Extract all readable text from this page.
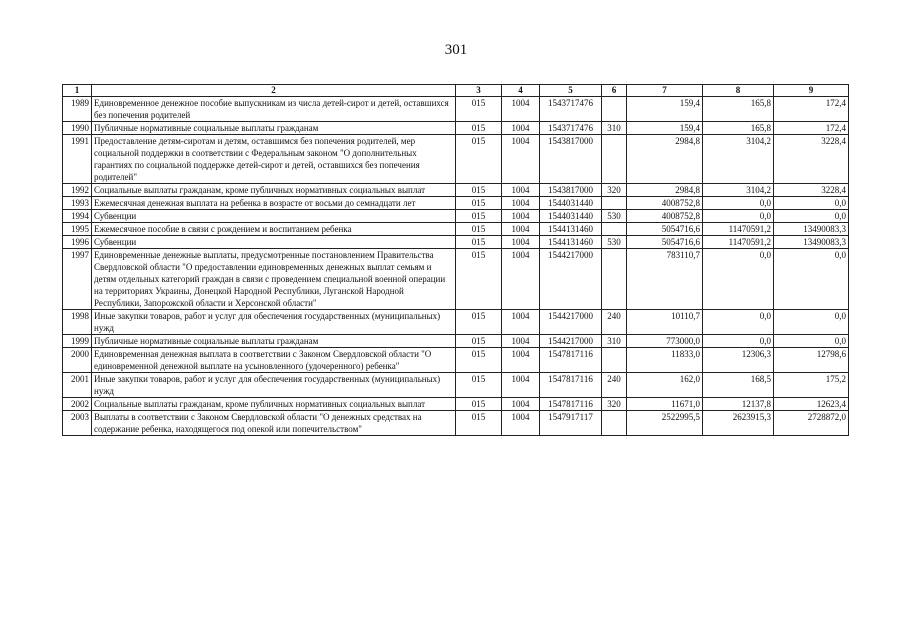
301
1	2	3	4	5	6	7	8	9
1989	Единовременное денежное пособие выпускникам из числа детей-сирот и детей, оставшихся без попечения родителей	015	1004	1543717476		159,4	165,8	172,4
1990	Публичные нормативные социальные выплаты гражданам	015	1004	1543717476	310	159,4	165,8	172,4
1991	Предоставление детям-сиротам и детям, оставшимся без попечения родителей, мер социальной поддержки в соответствии с Федеральным законом "О дополнительных гарантиях по социальной поддержке детей-сирот и детей, оставшихся без попечения родителей"	015	1004	1543817000		2984,8	3104,2	3228,4
1992	Социальные выплаты гражданам, кроме публичных нормативных социальных выплат	015	1004	1543817000	320	2984,8	3104,2	3228,4
1993	Ежемесячная денежная выплата на ребенка в возрасте от восьми до семнадцати лет	015	1004	1544031440		4008752,8	0,0	0,0
1994	Субвенции	015	1004	1544031440	530	4008752,8	0,0	0,0
1995	Ежемесячное пособие в связи с рождением и воспитанием ребенка	015	1004	1544131460		5054716,6	11470591,2	13490083,3
1996	Субвенции	015	1004	1544131460	530	5054716,6	11470591,2	13490083,3
1997	Единовременные денежные выплаты, предусмотренные постановлением Правительства Свердловской области "О предоставлении единовременных денежных выплат семьям и детям отдельных категорий граждан в связи с проведением специальной военной операции на территориях Украины, Донецкой Народной Республики, Луганской Народной Республики, Запорожской области и Херсонской области"	015	1004	1544217000		783110,7	0,0	0,0
1998	Иные закупки товаров, работ и услуг для обеспечения государственных (муниципальных) нужд	015	1004	1544217000	240	10110,7	0,0	0,0
1999	Публичные нормативные социальные выплаты гражданам	015	1004	1544217000	310	773000,0	0,0	0,0
2000	Единовременная денежная выплата в соответствии с Законом Свердловской области "О единовременной денежной выплате на усыновленного (удочеренного) ребенка"	015	1004	1547817116		11833,0	12306,3	12798,6
2001	Иные закупки товаров, работ и услуг для обеспечения государственных (муниципальных) нужд	015	1004	1547817116	240	162,0	168,5	175,2
2002	Социальные выплаты гражданам, кроме публичных нормативных социальных выплат	015	1004	1547817116	320	11671,0	12137,8	12623,4
2003	Выплаты в соответствии с Законом Свердловской области "О денежных средствах на содержание ребенка, находящегося под опекой или попечительством"	015	1004	1547917117		2522995,5	2623915,3	2728872,0
